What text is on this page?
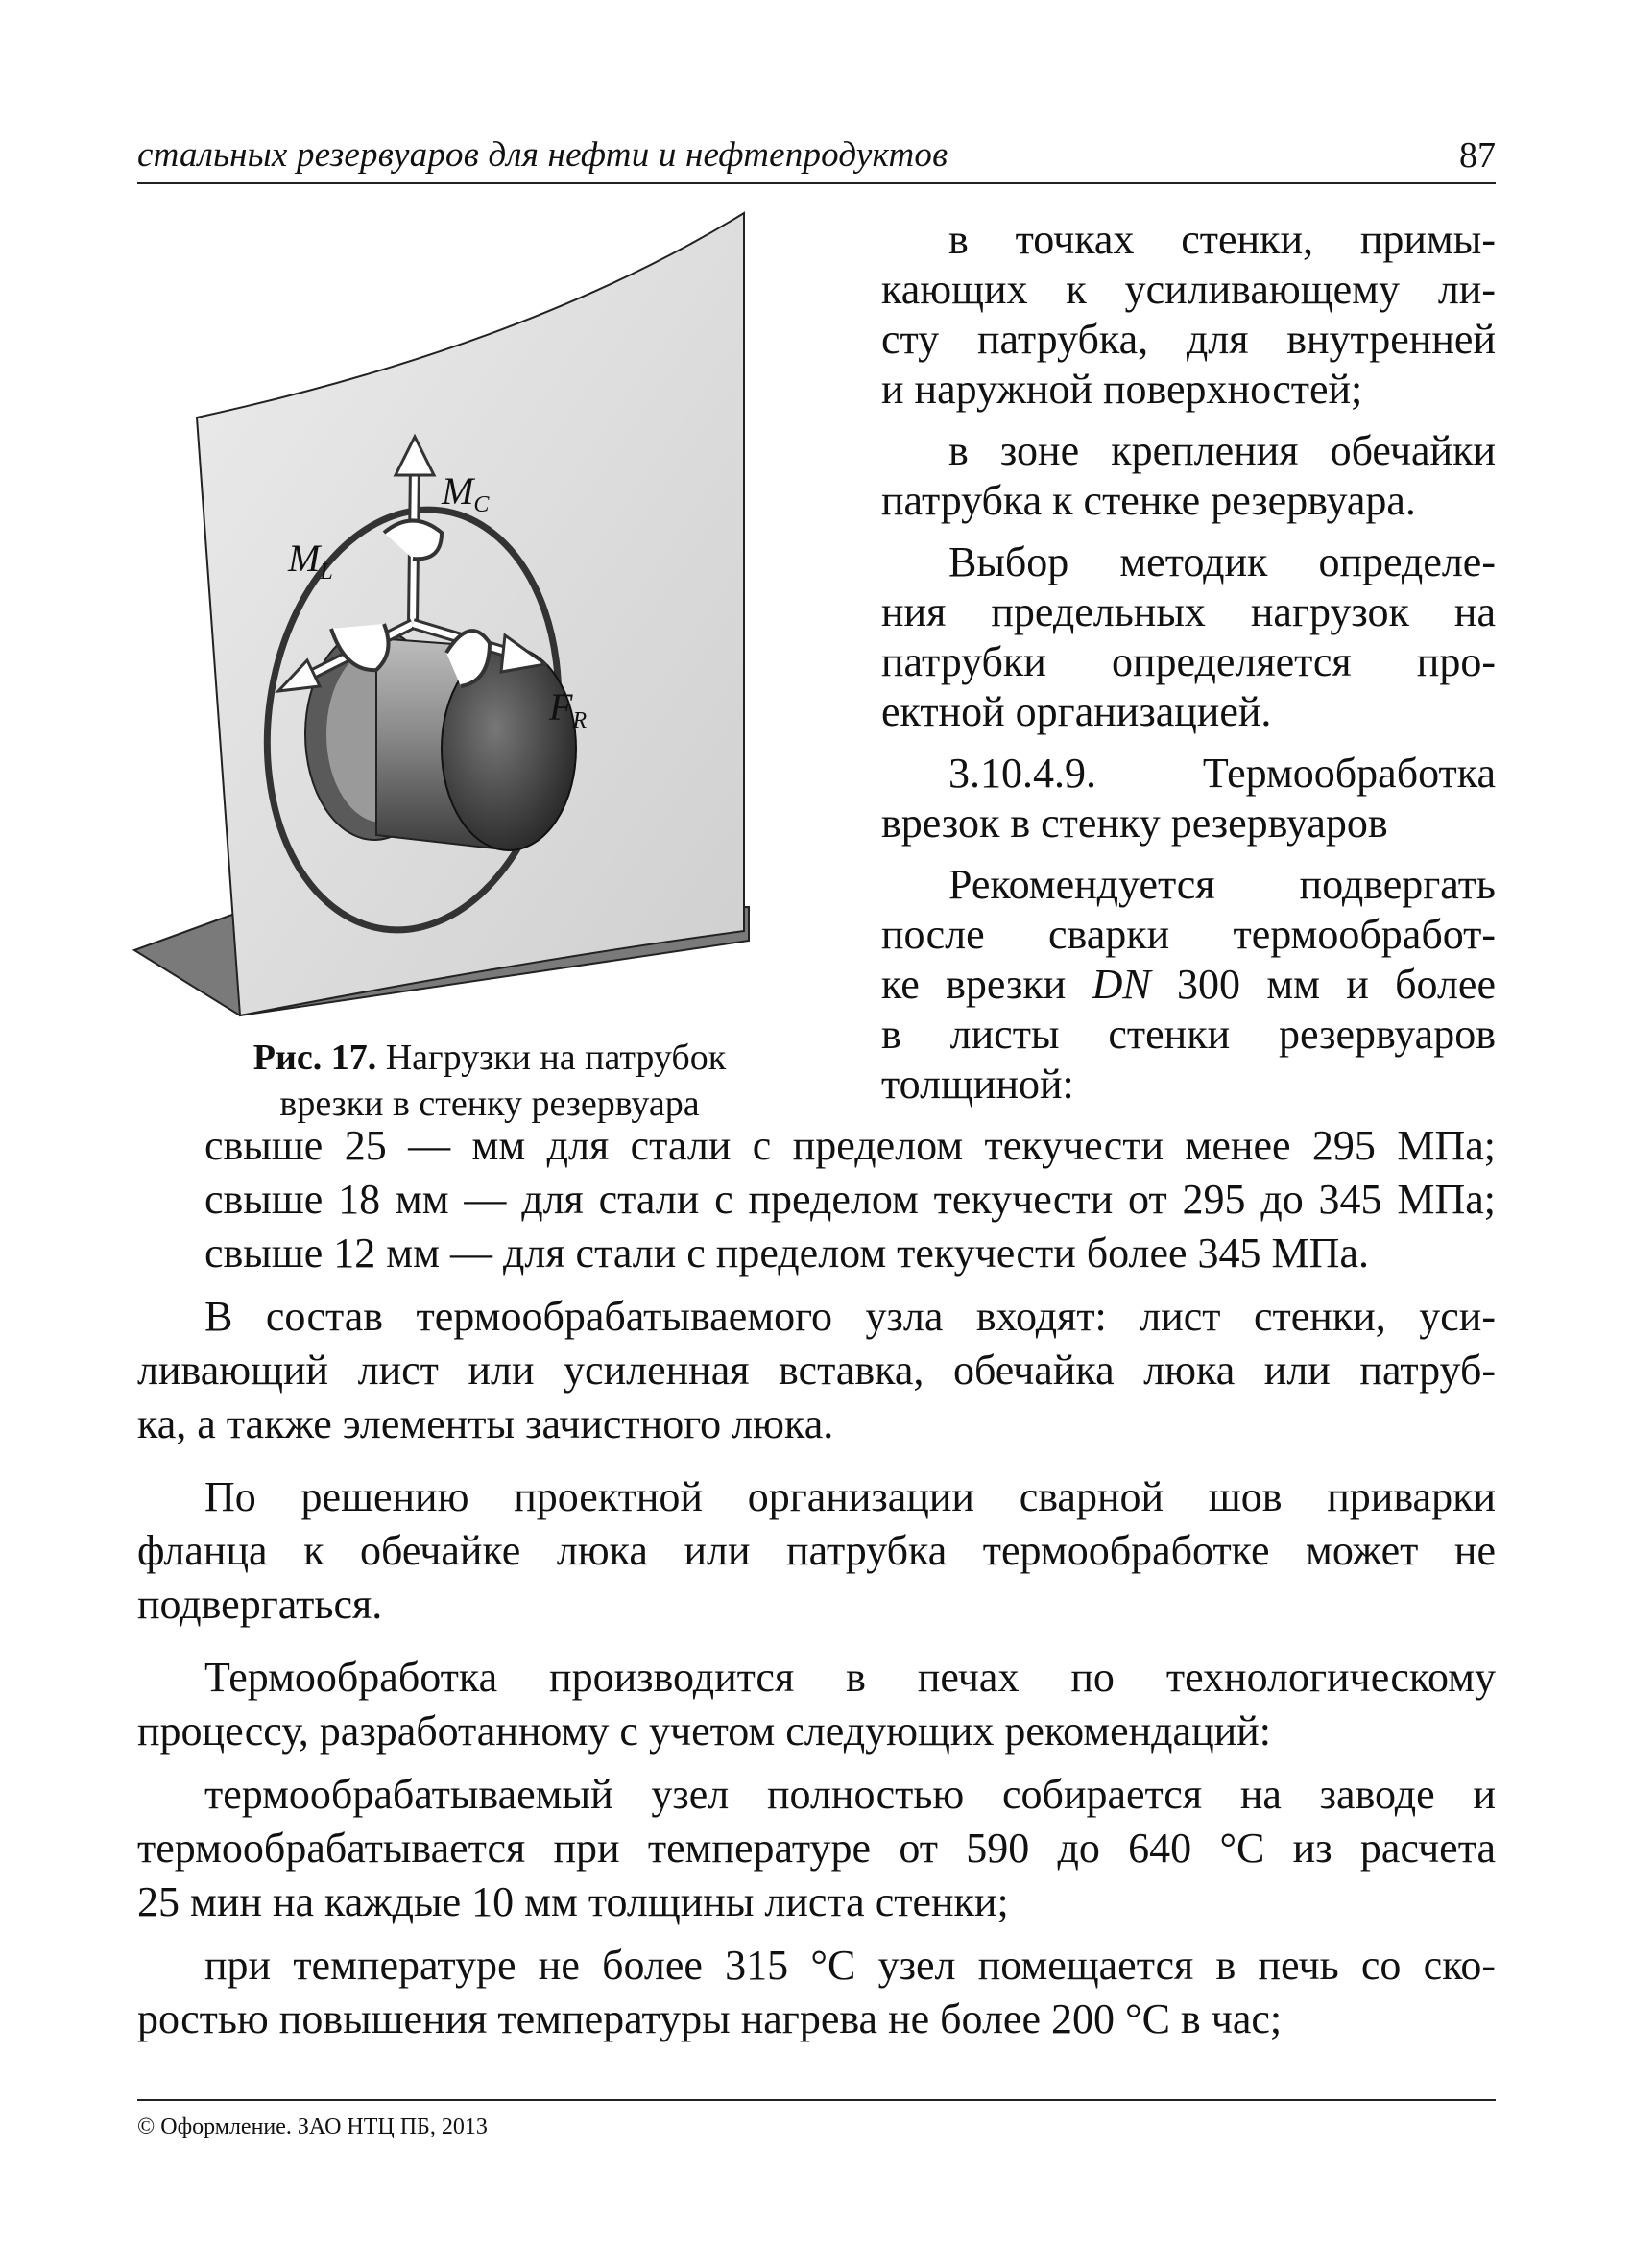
стальных резервуаров для нефти и нефтепродуктов	87
$M_C$
$M_L$
$F_R$
Рис. 17. Нагрузки на патрубок
врезки в стенку резервуара
в точках стенки, примы-
кающих к усиливающему ли-
сту патрубка, для внутренней
и наружной поверхностей;
в зоне крепления обечайки
патрубка к стенке резервуара.
Выбор методик определе-
ния предельных нагрузок на
патрубки определяется про-
ектной организацией.
3.10.4.9. Термообработка
врезок в стенку резервуаров
Рекомендуется подвергать
после сварки термообработ-
ке врезки DN 300 мм и более
в листы стенки резервуаров
толщиной:
свыше 25 — мм для стали с пределом текучести менее 295 МПа;
свыше 18 мм — для стали с пределом текучести от 295 до 345 МПа;
свыше 12 мм — для стали с пределом текучести более 345 МПа.
В состав термообрабатываемого узла входят: лист стенки, уси-
ливающий лист или усиленная вставка, обечайка люка или патруб-
ка, а также элементы зачистного люка.
По решению проектной организации сварной шов приварки
фланца к обечайке люка или патрубка термообработке может не
подвергаться.
Термообработка производится в печах по технологическому
процессу, разработанному с учетом следующих рекомендаций:
термообрабатываемый узел полностью собирается на заводе и
термообрабатывается при температуре от 590 до 640 °С из расчета
25 мин на каждые 10 мм толщины листа стенки;
при температуре не более 315 °С узел помещается в печь со ско-
ростью повышения температуры нагрева не более 200 °С в час;
© Оформление. ЗАО НТЦ ПБ, 2013
